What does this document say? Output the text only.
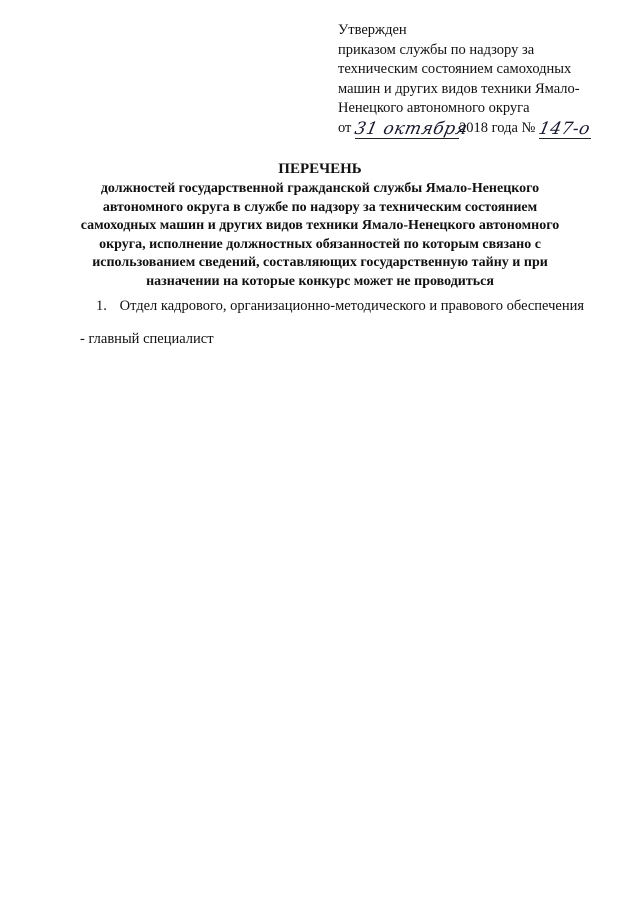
Утвержден
приказом службы по надзору за
техническим состоянием самоходных
машин и других видов техники Ямало-
Ненецкого автономного округа
от 31 октября2018 года № 147-о
ПЕРЕЧЕНЬ
должностей государственной гражданской службы Ямало-Ненецкого автономного округа в службе по надзору за техническим состоянием самоходных машин и других видов техники Ямало-Ненецкого автономного округа, исполнение должностных обязанностей по которым связано с использованием сведений, составляющих государственную тайну и при назначении на которые конкурс может не проводиться
1. Отдел кадрового, организационно-методического и правового обеспечения
- главный специалист
